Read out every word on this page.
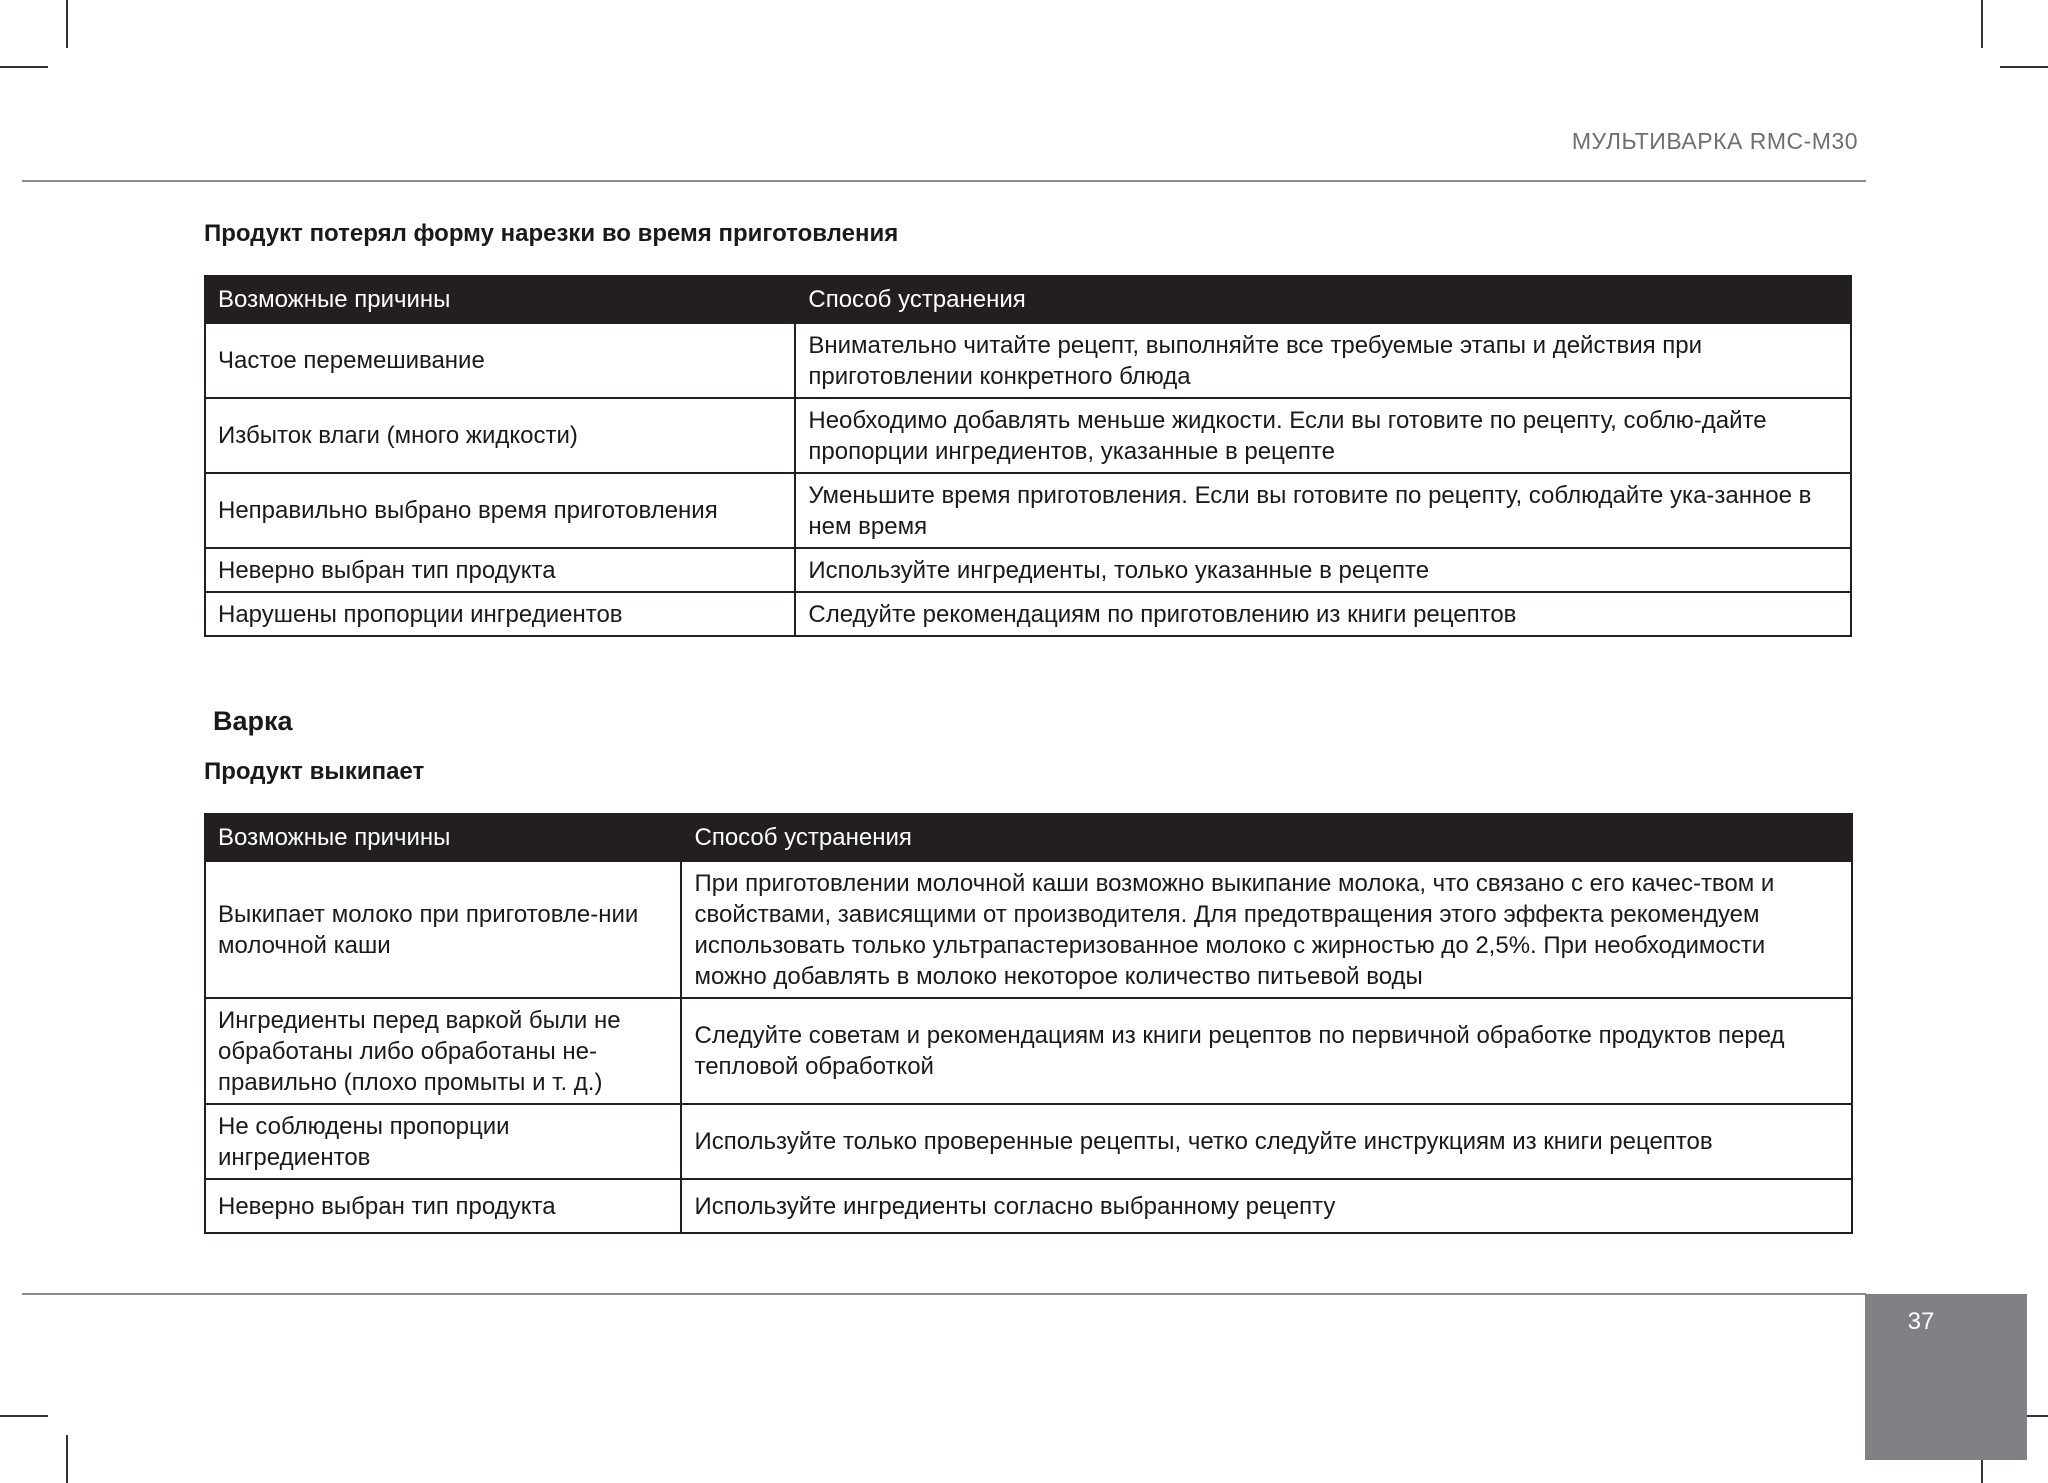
МУЛЬТИВАРКА RMC-M30
Продукт потерял форму нарезки во время приготовления
Возможные причины	Способ устранения
Частое перемешивание	Внимательно читайте рецепт, выполняйте все требуемые этапы и действия при приготовлении конкретного блюда
Избыток влаги (много жидкости)	Необходимо добавлять меньше жидкости. Если вы готовите по рецепту, соблю-дайте пропорции ингредиентов, указанные в рецепте
Неправильно выбрано время приготовления	Уменьшите время приготовления. Если вы готовите по рецепту, соблюдайте ука-занное в нем время
Неверно выбран тип продукта	Используйте ингредиенты, только указанные в рецепте
Нарушены пропорции ингредиентов	Следуйте рекомендациям по приготовлению из книги рецептов
Варка
Продукт выкипает
Возможные причины	Способ устранения
Выкипает молоко при приготовле-нии молочной каши	При приготовлении молочной каши возможно выкипание молока, что связано с его качес-твом и свойствами, зависящими от производителя. Для предотвращения этого эффекта рекомендуем использовать только ультрапастеризованное молоко с жирностью до 2,5%. При необходимости можно добавлять в молоко некоторое количество питьевой воды
Ингредиенты перед варкой были не обработаны либо обработаны не-правильно (плохо промыты и т. д.)	Следуйте советам и рекомендациям из книги рецептов по первичной обработке продуктов перед тепловой обработкой
Не соблюдены пропорции ингредиентов	Используйте только проверенные рецепты, четко следуйте инструкциям из книги рецептов
Неверно выбран тип продукта	Используйте ингредиенты согласно выбранному рецепту
37
